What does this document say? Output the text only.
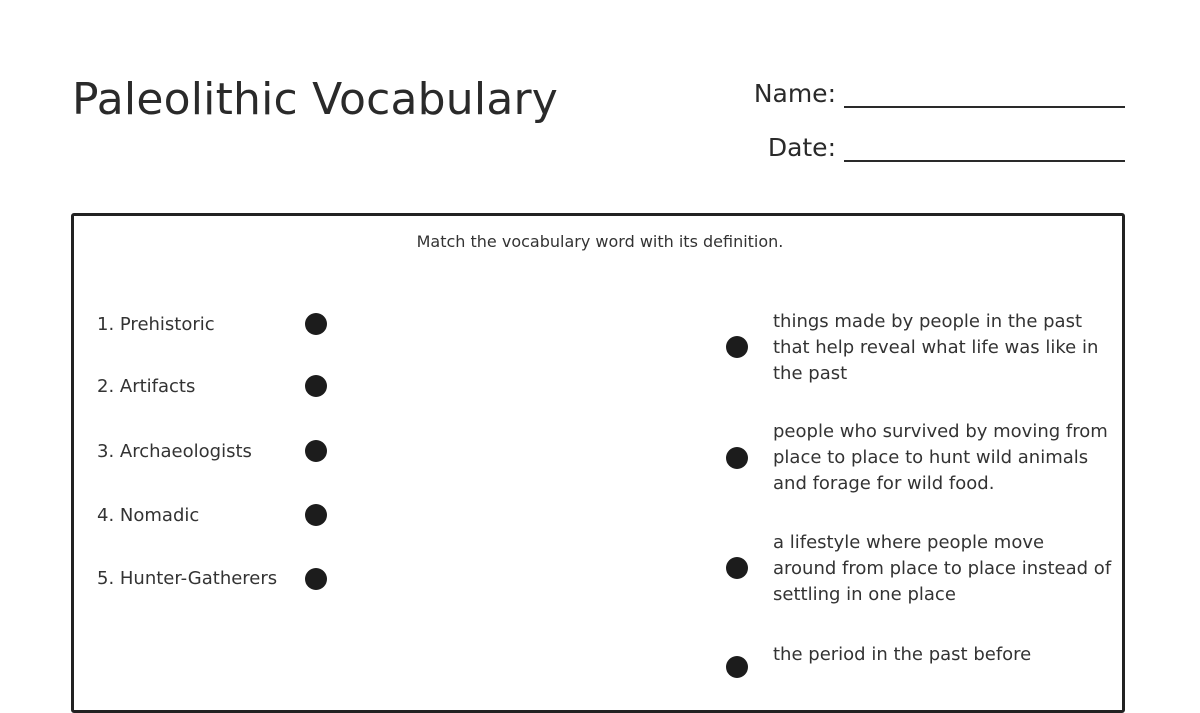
Paleolithic Vocabulary	Name:
Date:
Match the vocabulary word with its definition.
1. Prehistoric
2. Artifacts
3. Archaeologists
4. Nomadic
5. Hunter-Gatherers
things made by people in the past that help reveal what life was like in the past
people who survived by moving from place to place to hunt wild animals and forage for wild food.
a lifestyle where people move around from place to place instead of settling in one place
the period in the past before
